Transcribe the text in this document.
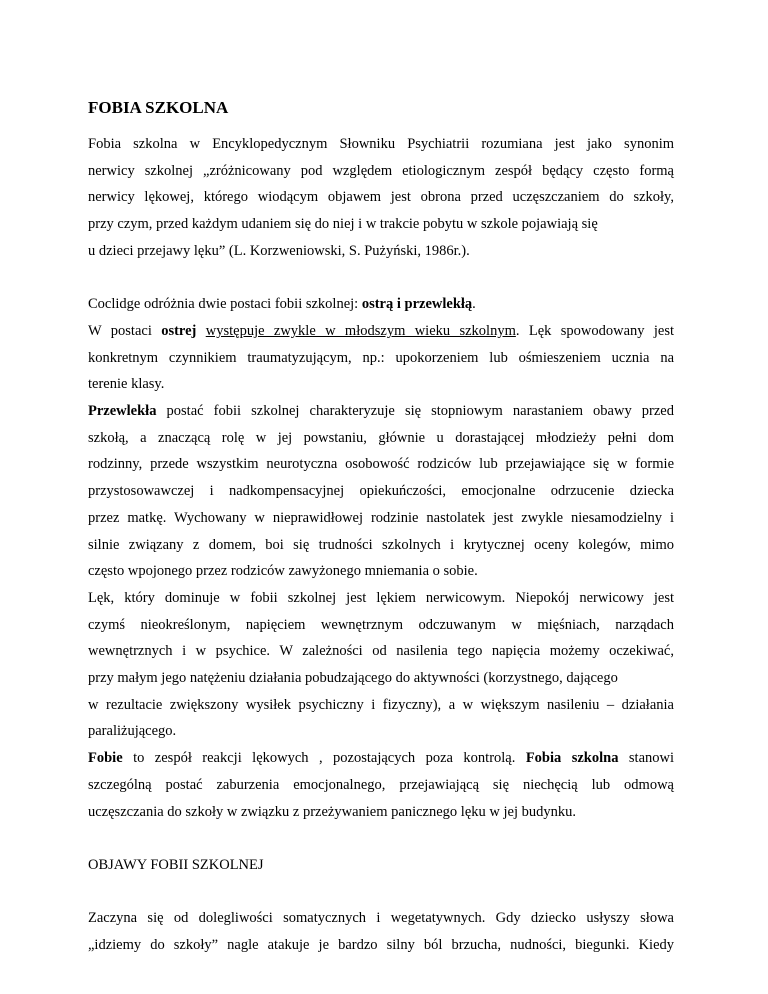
FOBIA SZKOLNA
Fobia szkolna w Encyklopedycznym Słowniku Psychiatrii rozumiana jest jako synonim
nerwicy szkolnej „zróżnicowany pod względem etiologicznym zespół będący często formą
nerwicy lękowej, którego wiodącym objawem jest obrona przed uczęszczaniem do szkoły,
przy czym, przed każdym udaniem się do niej i w trakcie pobytu w szkole pojawiają się
u dzieci przejawy lęku” (L. Korzweniowski, S. Pużyński, 1986r.).
Coclidge odróżnia dwie postaci fobii szkolnej: ostrą i przewlekłą.
W postaci ostrej występuje zwykle w młodszym wieku szkolnym. Lęk spowodowany jest
konkretnym czynnikiem traumatyzującym, np.: upokorzeniem lub ośmieszeniem ucznia na
terenie klasy.
Przewlekła postać fobii szkolnej charakteryzuje się stopniowym narastaniem obawy przed
szkołą, a znaczącą rolę w jej powstaniu, głównie u dorastającej młodzieży pełni dom
rodzinny, przede wszystkim neurotyczna osobowość rodziców lub przejawiające się w formie
przystosowawczej i nadkompensacyjnej opiekuńczości, emocjonalne odrzucenie dziecka
przez matkę. Wychowany w nieprawidłowej rodzinie nastolatek jest zwykle niesamodzielny i
silnie związany z domem, boi się trudności szkolnych i krytycznej oceny kolegów, mimo
często wpojonego przez rodziców zawyżonego mniemania o sobie.
Lęk, który dominuje w fobii szkolnej jest lękiem nerwicowym. Niepokój nerwicowy jest
czymś nieokreślonym, napięciem wewnętrznym odczuwanym w mięśniach, narządach
wewnętrznych i w psychice. W zależności od nasilenia tego napięcia możemy oczekiwać,
przy małym jego natężeniu działania pobudzającego do aktywności (korzystnego, dającego
w rezultacie zwiększony wysiłek psychiczny i fizyczny), a w większym nasileniu – działania
paraliżującego.
Fobie to zespół reakcji lękowych , pozostających poza kontrolą. Fobia szkolna stanowi
szczególną postać zaburzenia emocjonalnego, przejawiającą się niechęcią lub odmową
uczęszczania do szkoły w związku z przeżywaniem panicznego lęku w jej budynku.
OBJAWY FOBII SZKOLNEJ
Zaczyna się od dolegliwości somatycznych i wegetatywnych. Gdy dziecko usłyszy słowa
„idziemy do szkoły” nagle atakuje je bardzo silny ból brzucha, nudności, biegunki. Kiedy
